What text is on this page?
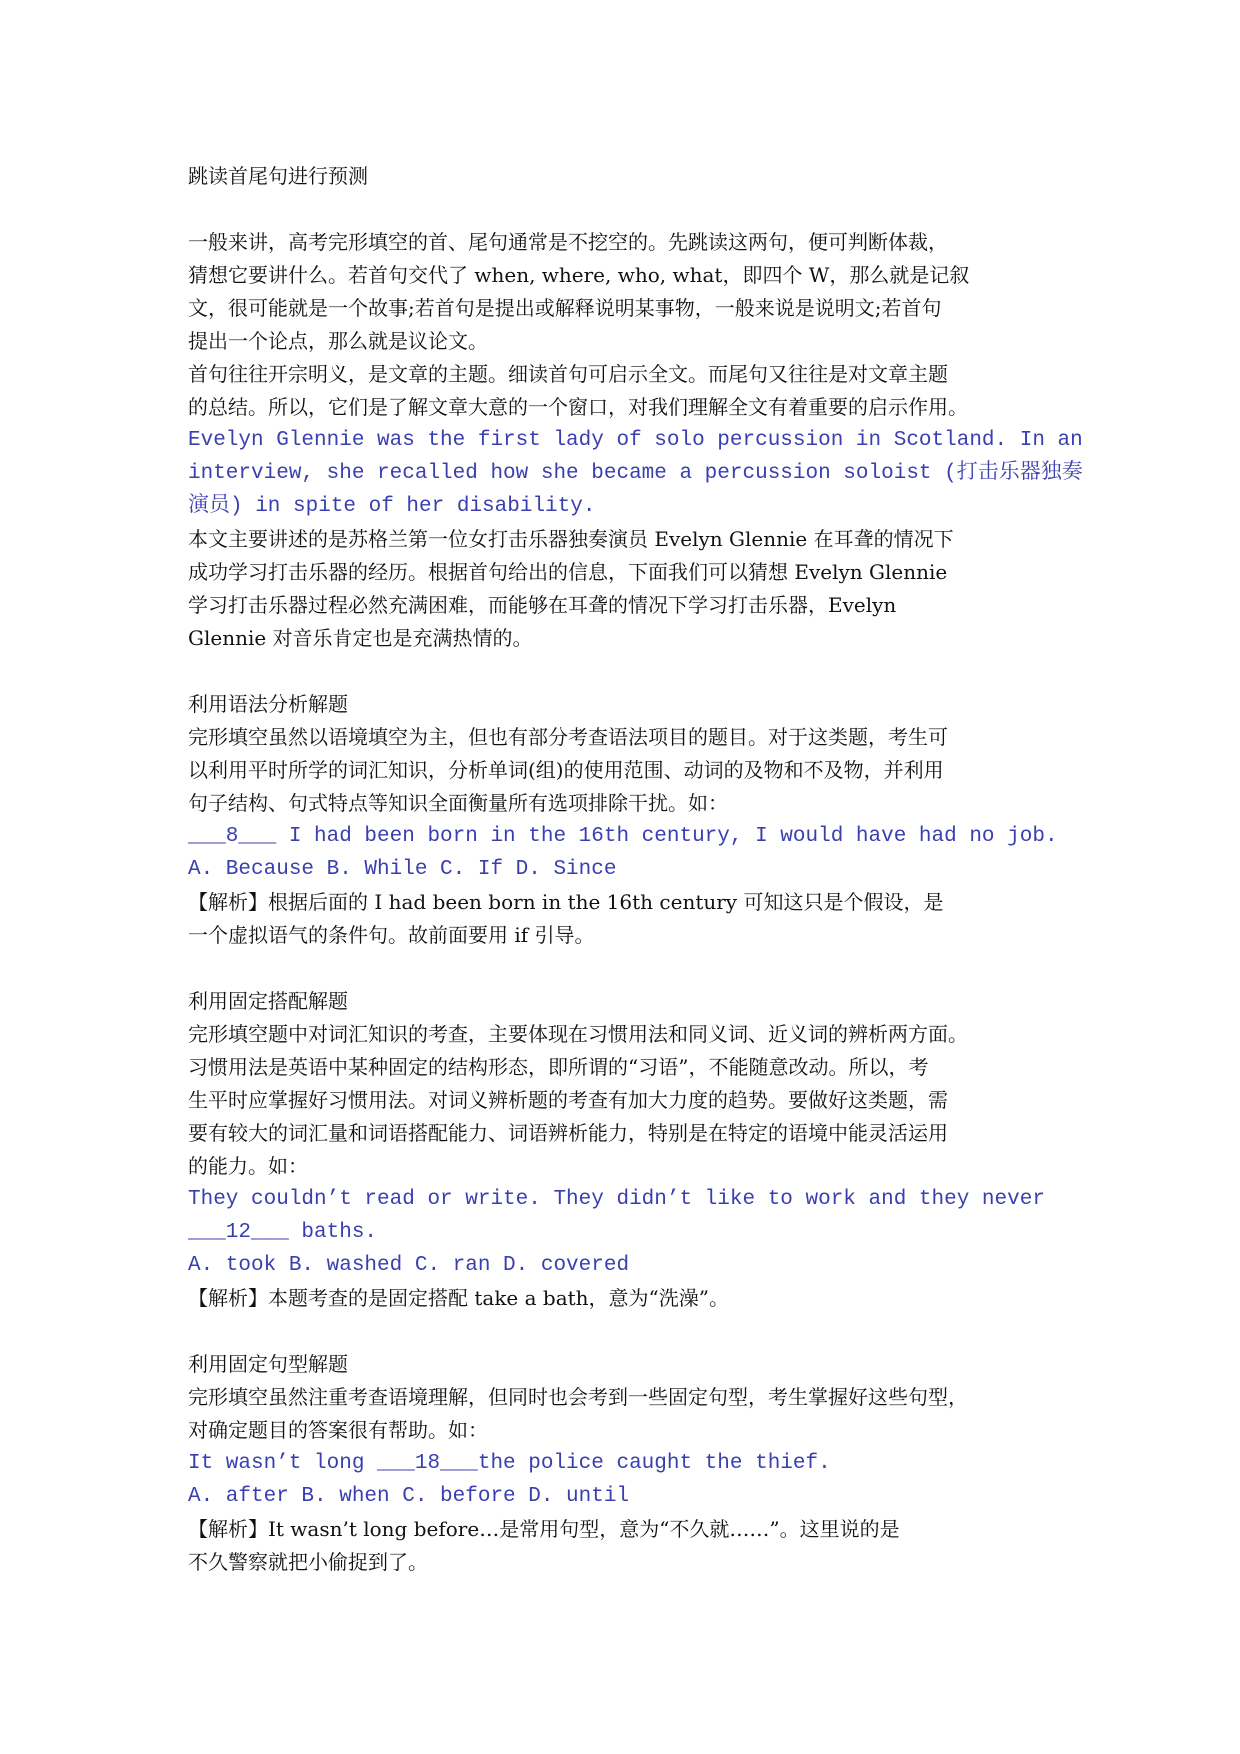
跳读首尾句进行预测
一般来讲，高考完形填空的首、尾句通常是不挖空的。先跳读这两句，便可判断体裁，
猜想它要讲什么。若首句交代了 when, where, who, what，即四个 W，那么就是记叙
文，很可能就是一个故事;若首句是提出或解释说明某事物，一般来说是说明文;若首句
提出一个论点，那么就是议论文。
首句往往开宗明义，是文章的主题。细读首句可启示全文。而尾句又往往是对文章主题
的总结。所以，它们是了解文章大意的一个窗口，对我们理解全文有着重要的启示作用。
Evelyn Glennie was the first lady of solo percussion in Scotland. In an
interview, she recalled how she became a percussion soloist (打击乐器独奏
演员) in spite of her disability.
本文主要讲述的是苏格兰第一位女打击乐器独奏演员 Evelyn Glennie 在耳聋的情况下
成功学习打击乐器的经历。根据首句给出的信息，下面我们可以猜想 Evelyn Glennie
学习打击乐器过程必然充满困难，而能够在耳聋的情况下学习打击乐器，Evelyn
Glennie 对音乐肯定也是充满热情的。
利用语法分析解题
完形填空虽然以语境填空为主，但也有部分考查语法项目的题目。对于这类题，考生可
以利用平时所学的词汇知识，分析单词(组)的使用范围、动词的及物和不及物，并利用
句子结构、句式特点等知识全面衡量所有选项排除干扰。如：
___8___ I had been born in the 16th century, I would have had no job.
A. Because B. While C. If D. Since
【解析】根据后面的 I had been born in the 16th century 可知这只是个假设，是
一个虚拟语气的条件句。故前面要用 if 引导。
利用固定搭配解题
完形填空题中对词汇知识的考查，主要体现在习惯用法和同义词、近义词的辨析两方面。
习惯用法是英语中某种固定的结构形态，即所谓的“习语”，不能随意改动。所以，考
生平时应掌握好习惯用法。对词义辨析题的考查有加大力度的趋势。要做好这类题，需
要有较大的词汇量和词语搭配能力、词语辨析能力，特别是在特定的语境中能灵活运用
的能力。如：
They couldn’t read or write. They didn’t like to work and they never
___12___ baths.
A. took B. washed C. ran D. covered
【解析】本题考查的是固定搭配 take a bath，意为“洗澡”。
利用固定句型解题
完形填空虽然注重考查语境理解，但同时也会考到一些固定句型，考生掌握好这些句型，
对确定题目的答案很有帮助。如：
It wasn’t long ___18___the police caught the thief.
A. after B. when C. before D. until
【解析】It wasn’t long before…是常用句型，意为“不久就……”。这里说的是
不久警察就把小偷捉到了。
